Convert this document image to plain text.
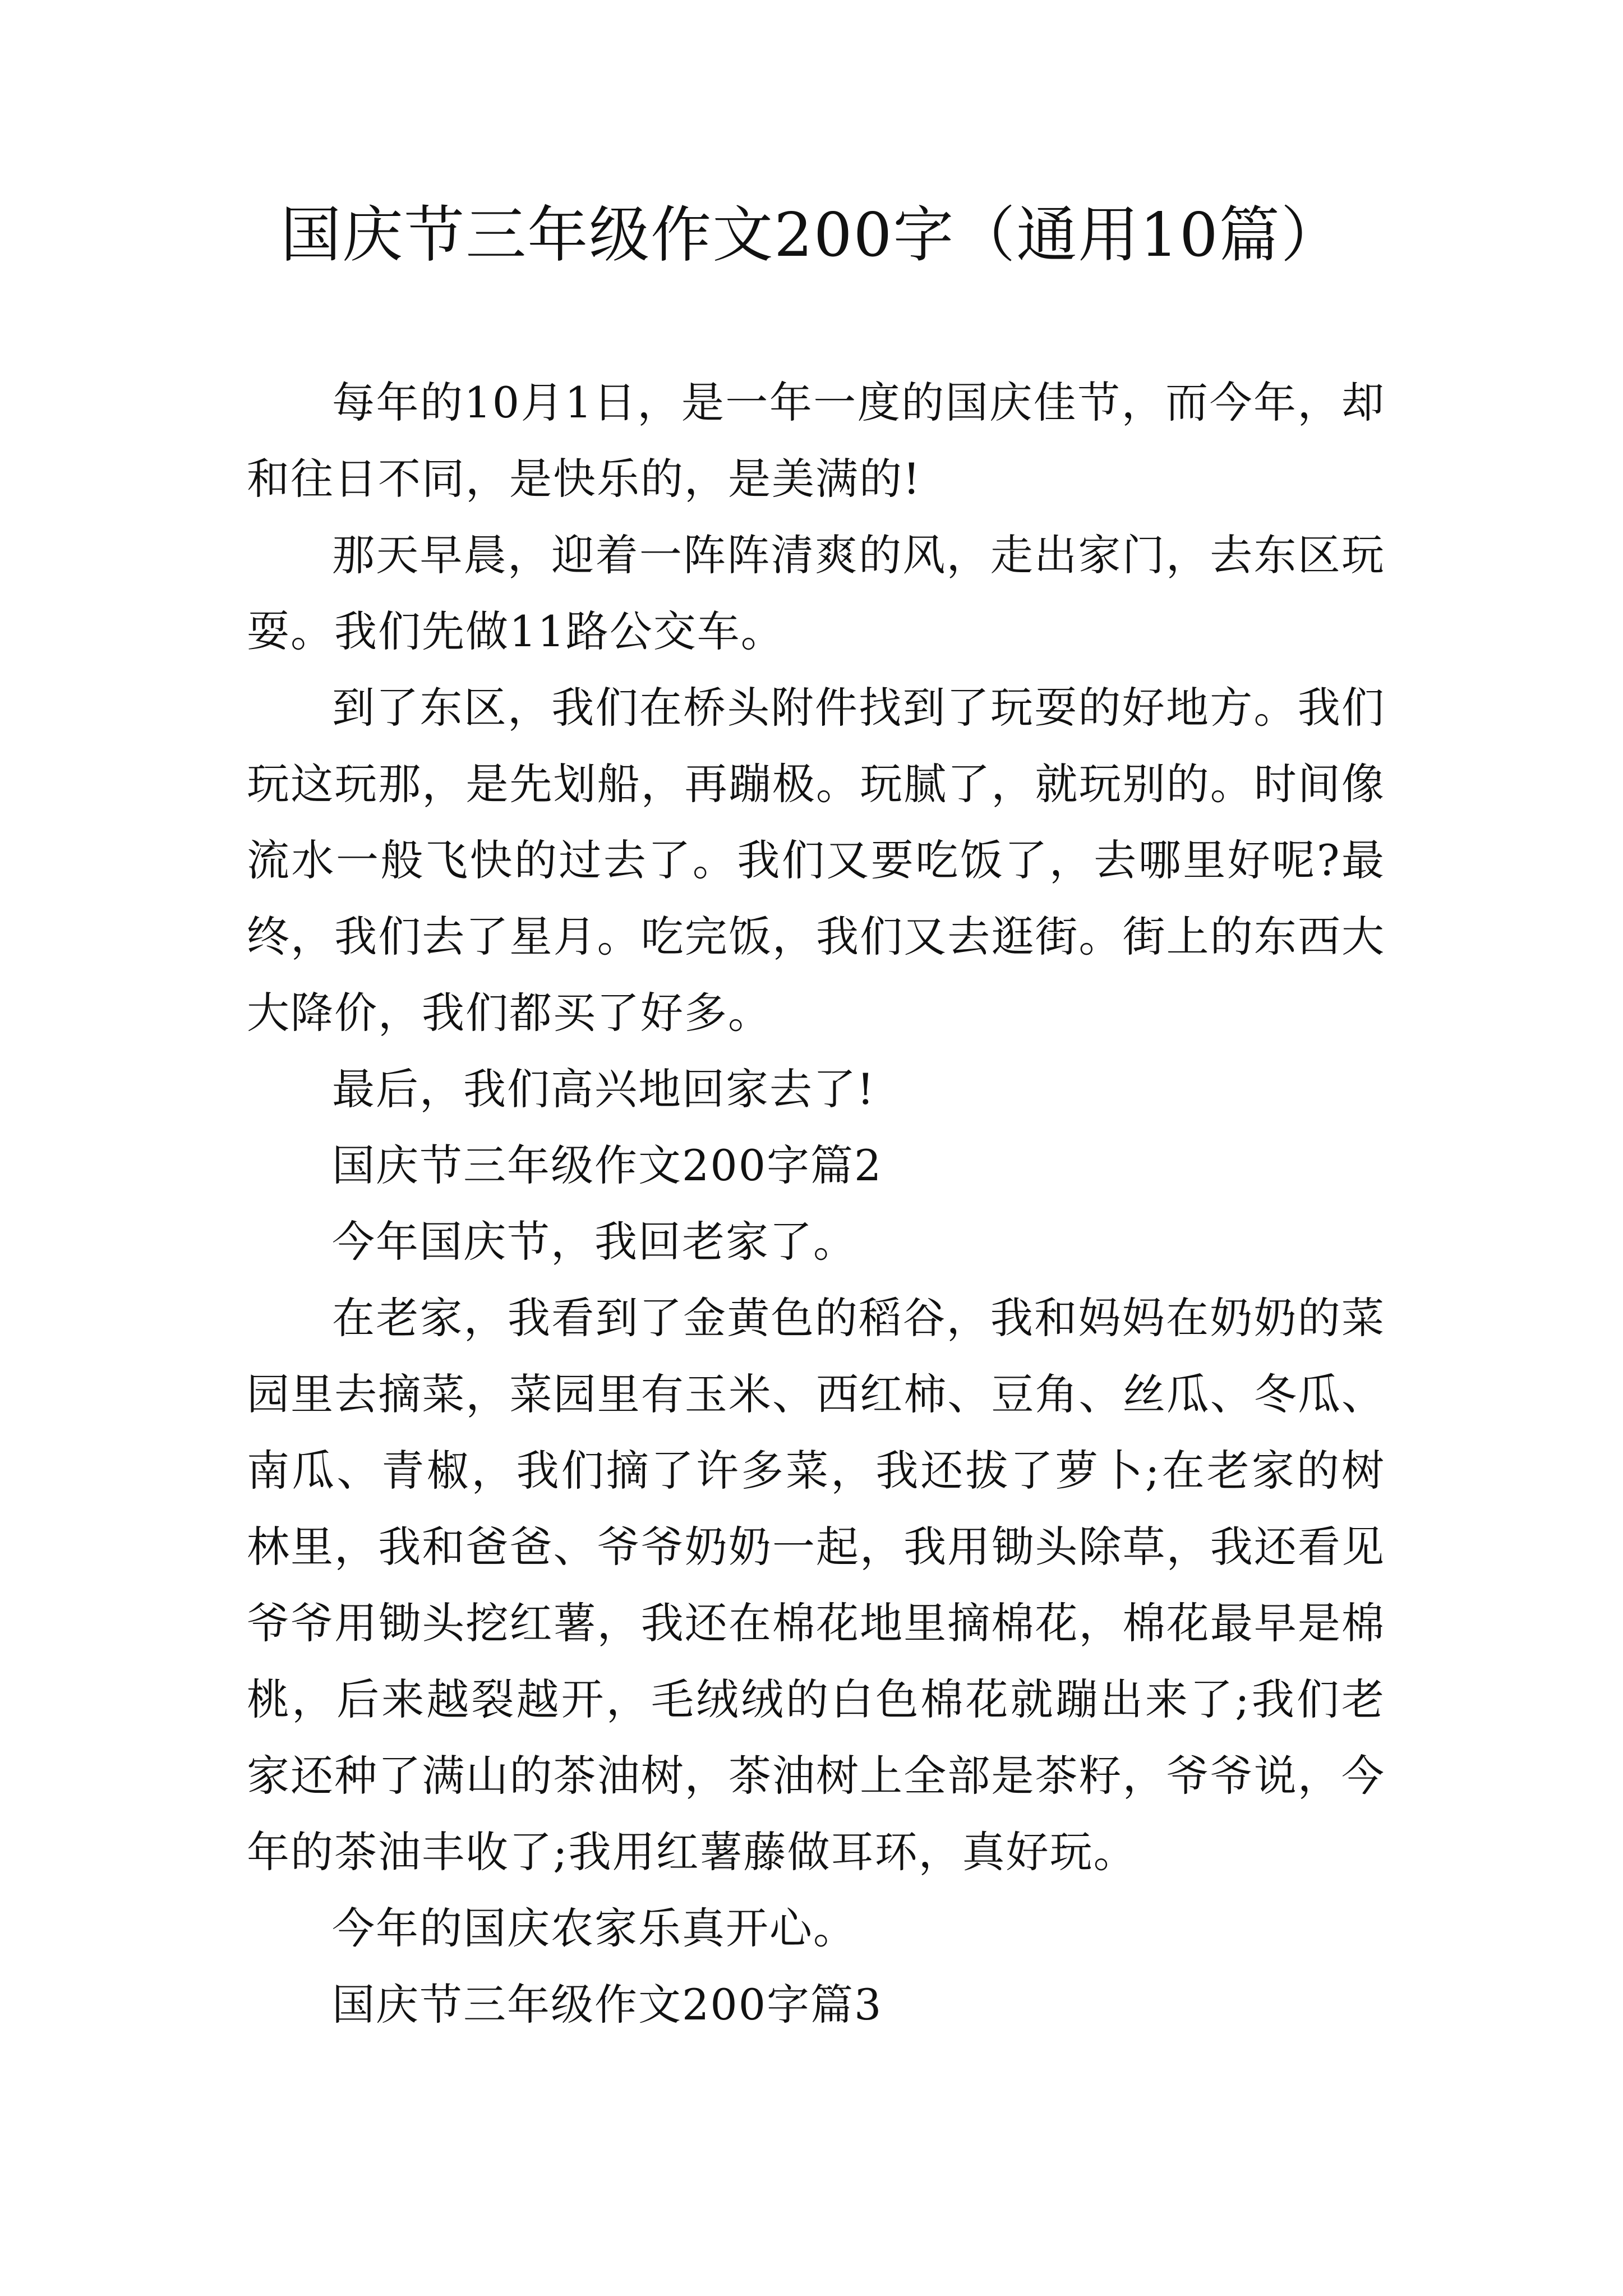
国庆节三年级作文200字（通用10篇）

每年的10月1日，是一年一度的国庆佳节，而今年，却和往日不同，是快乐的，是美满的!

那天早晨，迎着一阵阵清爽的风，走出家门，去东区玩耍。我们先做11路公交车。

到了东区，我们在桥头附件找到了玩耍的好地方。我们玩这玩那，是先划船，再蹦极。玩腻了，就玩别的。时间像流水一般飞快的过去了。我们又要吃饭了，去哪里好呢?最终，我们去了星月。吃完饭，我们又去逛街。街上的东西大大降价，我们都买了好多。

最后，我们高兴地回家去了!

国庆节三年级作文200字篇2

今年国庆节，我回老家了。

在老家，我看到了金黄色的稻谷，我和妈妈在奶奶的菜园里去摘菜，菜园里有玉米、西红柿、豆角、丝瓜、冬瓜、南瓜、青椒，我们摘了许多菜，我还拔了萝卜;在老家的树林里，我和爸爸、爷爷奶奶一起，我用锄头除草，我还看见爷爷用锄头挖红薯，我还在棉花地里摘棉花，棉花最早是棉桃，后来越裂越开，毛绒绒的白色棉花就蹦出来了;我们老家还种了满山的茶油树，茶油树上全部是茶籽，爷爷说，今年的茶油丰收了;我用红薯藤做耳环，真好玩。

今年的国庆农家乐真开心。

国庆节三年级作文200字篇3
